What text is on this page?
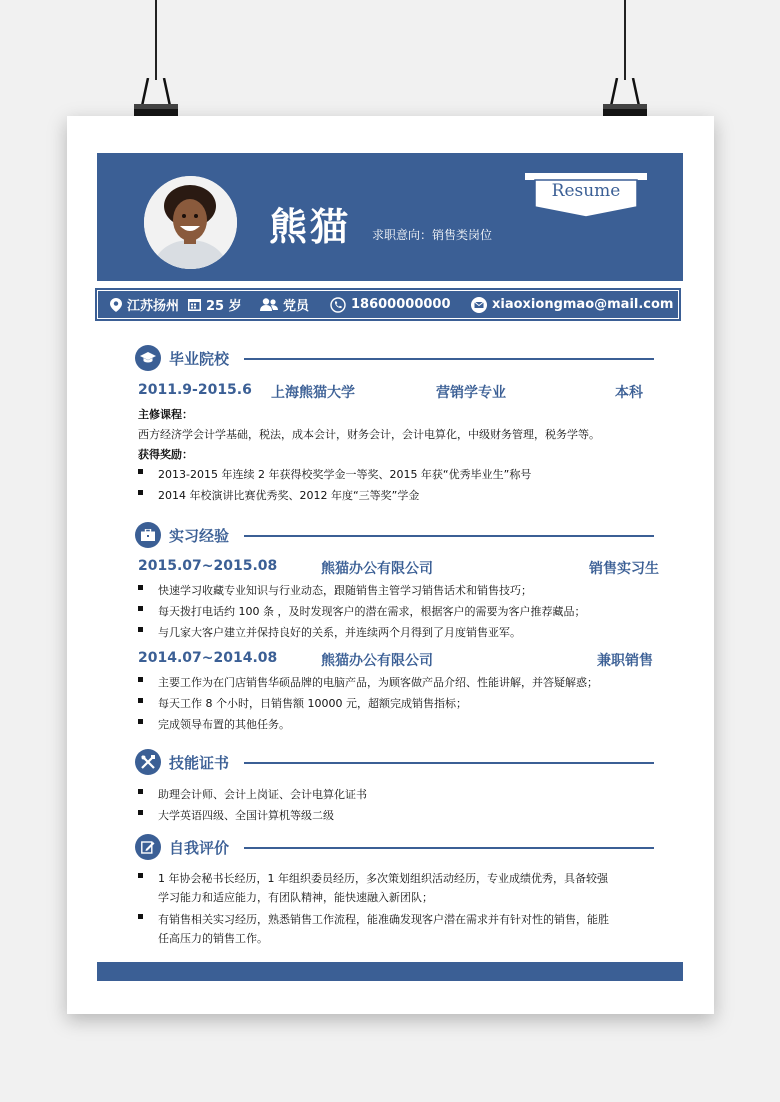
熊猫 求职意向：销售类岗位
Resume
江苏扬州 25 岁	党员	18600000000	xiaoxiongmao@mail.com
毕业院校
2011.9-2015.6 上海熊猫大学	营销学专业	本科
主修课程：
西方经济学会计学基础，税法，成本会计，财务会计，会计电算化，中级财务管理，税务学等。
获得奖励：
2013-2015 年连续 2 年获得校奖学金一等奖、2015 年获“优秀毕业生”称号
2014 年校演讲比赛优秀奖、2012 年度“三等奖”学金
实习经验
2015.07~2015.08	熊猫办公有限公司	销售实习生
快速学习收藏专业知识与行业动态，跟随销售主管学习销售话术和销售技巧；
每天拨打电话约 100 条 ，及时发现客户的潜在需求，根据客户的需要为客户推荐藏品；
与几家大客户建立并保持良好的关系，并连续两个月得到了月度销售亚军。
2014.07~2014.08	熊猫办公有限公司	兼职销售
主要工作为在门店销售华硕品牌的电脑产品，为顾客做产品介绍、性能讲解，并答疑解惑；
每天工作 8 个小时，日销售额 10000 元，超额完成销售指标；
完成领导布置的其他任务。
技能证书
助理会计师、会计上岗证、会计电算化证书
大学英语四级、全国计算机等级二级
自我评价
1 年协会秘书长经历，1 年组织委员经历，多次策划组织活动经历，专业成绩优秀，具备较强
学习能力和适应能力，有团队精神，能快速融入新团队；
有销售相关实习经历，熟悉销售工作流程，能准确发现客户潜在需求并有针对性的销售，能胜
任高压力的销售工作。
